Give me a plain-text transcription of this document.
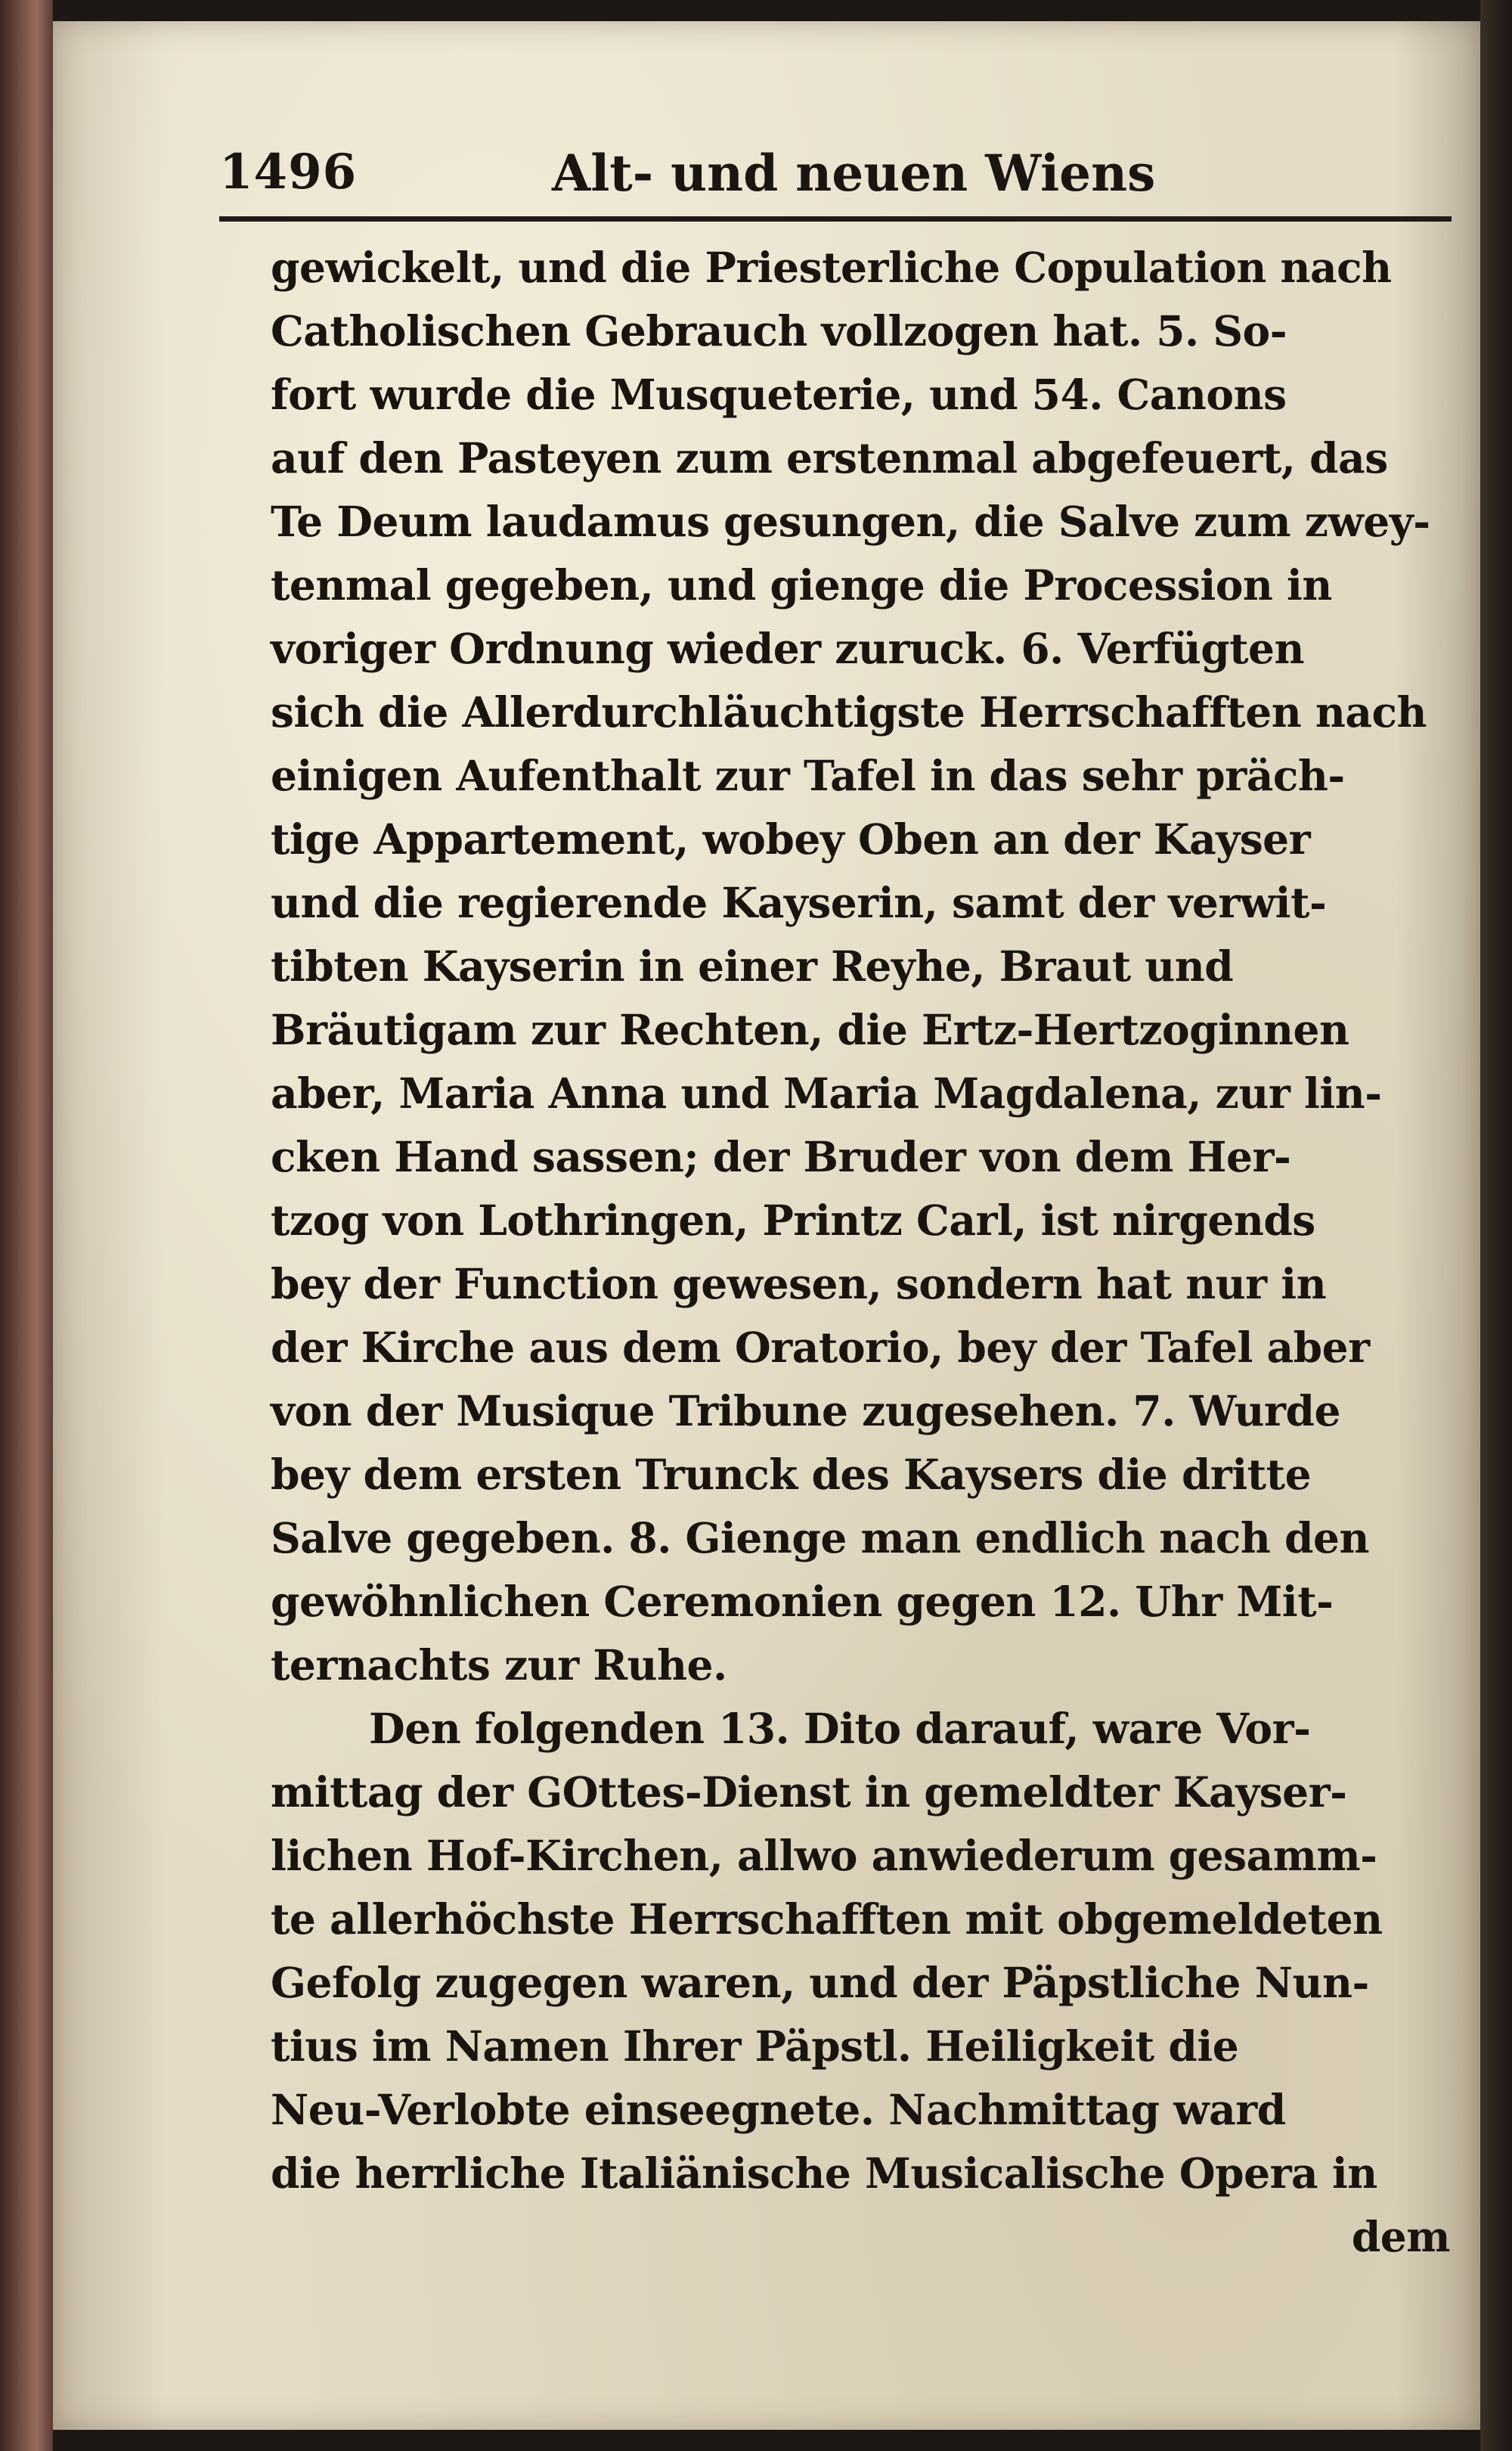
1496	Alt- und neuen Wiens
gewickelt, und die Priesterliche Copulation nach
Catholischen Gebrauch vollzogen hat. 5. So-
fort wurde die Musqueterie, und 54. Canons
auf den Pasteyen zum erstenmal abgefeuert, das
Te Deum laudamus gesungen, die Salve zum zwey-
tenmal gegeben, und gienge die Procession in
voriger Ordnung wieder zuruck. 6. Verfügten
sich die Allerdurchläuchtigste Herrschafften nach
einigen Aufenthalt zur Tafel in das sehr präch-
tige Appartement, wobey Oben an der Kayser
und die regierende Kayserin, samt der verwit-
tibten Kayserin in einer Reyhe, Braut und
Bräutigam zur Rechten, die Ertz-Hertzoginnen
aber, Maria Anna und Maria Magdalena, zur lin-
cken Hand sassen; der Bruder von dem Her-
tzog von Lothringen, Printz Carl, ist nirgends
bey der Function gewesen, sondern hat nur in
der Kirche aus dem Oratorio, bey der Tafel aber
von der Musique Tribune zugesehen. 7. Wurde
bey dem ersten Trunck des Kaysers die dritte
Salve gegeben. 8. Gienge man endlich nach den
gewöhnlichen Ceremonien gegen 12. Uhr Mit-
ternachts zur Ruhe.
Den folgenden 13. Dito darauf, ware Vor-
mittag der GOttes-Dienst in gemeldter Kayser-
lichen Hof-Kirchen, allwo anwiederum gesamm-
te allerhöchste Herrschafften mit obgemeldeten
Gefolg zugegen waren, und der Päpstliche Nun-
tius im Namen Ihrer Päpstl. Heiligkeit die
Neu-Verlobte einseegnete. Nachmittag ward
die herrliche Italiänische Musicalische Opera in
dem
